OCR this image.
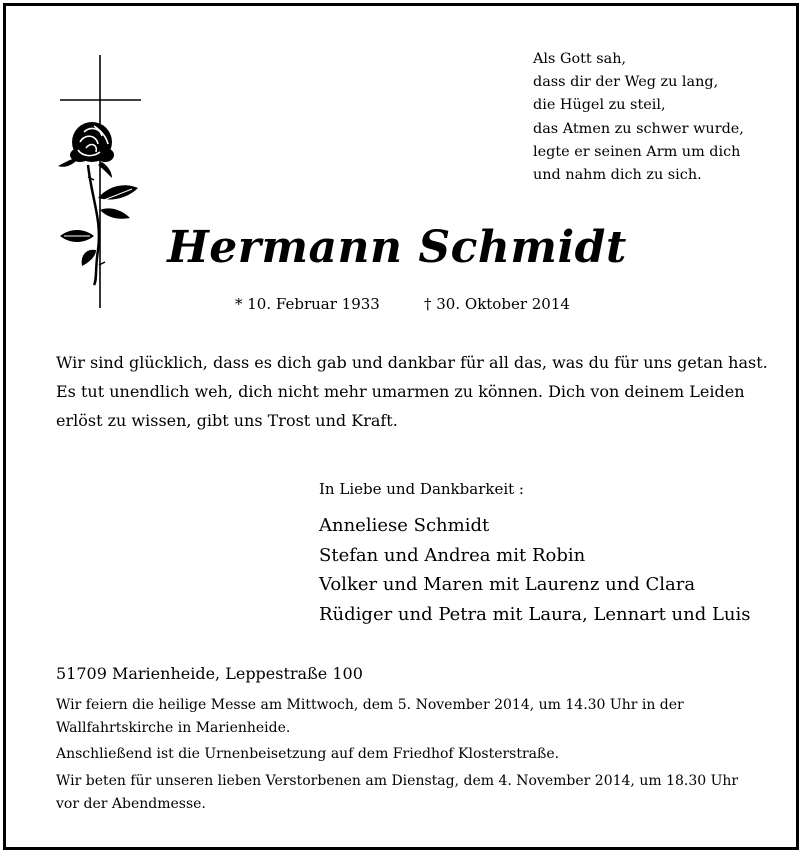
Als Gott sah,
dass dir der Weg zu lang,
die Hügel zu steil,
das Atmen zu schwer wurde,
legte er seinen Arm um dich
und nahm dich zu sich.
Hermann Schmidt
* 10. Februar 1933	† 30. Oktober 2014
Wir sind glücklich, dass es dich gab und dankbar für all das, was du für uns getan hast.
Es tut unendlich weh, dich nicht mehr umarmen zu können. Dich von deinem Leiden
erlöst zu wissen, gibt uns Trost und Kraft.
In Liebe und Dankbarkeit :
Anneliese Schmidt
Stefan und Andrea mit Robin
Volker und Maren mit Laurenz und Clara
Rüdiger und Petra mit Laura, Lennart und Luis
51709 Marienheide, Leppestraße 100
Wir feiern die heilige Messe am Mittwoch, dem 5. November 2014, um 14.30 Uhr in der
Wallfahrtskirche in Marienheide.
Anschließend ist die Urnenbeisetzung auf dem Friedhof Klosterstraße.
Wir beten für unseren lieben Verstorbenen am Dienstag, dem 4. November 2014, um 18.30 Uhr
vor der Abendmesse.
